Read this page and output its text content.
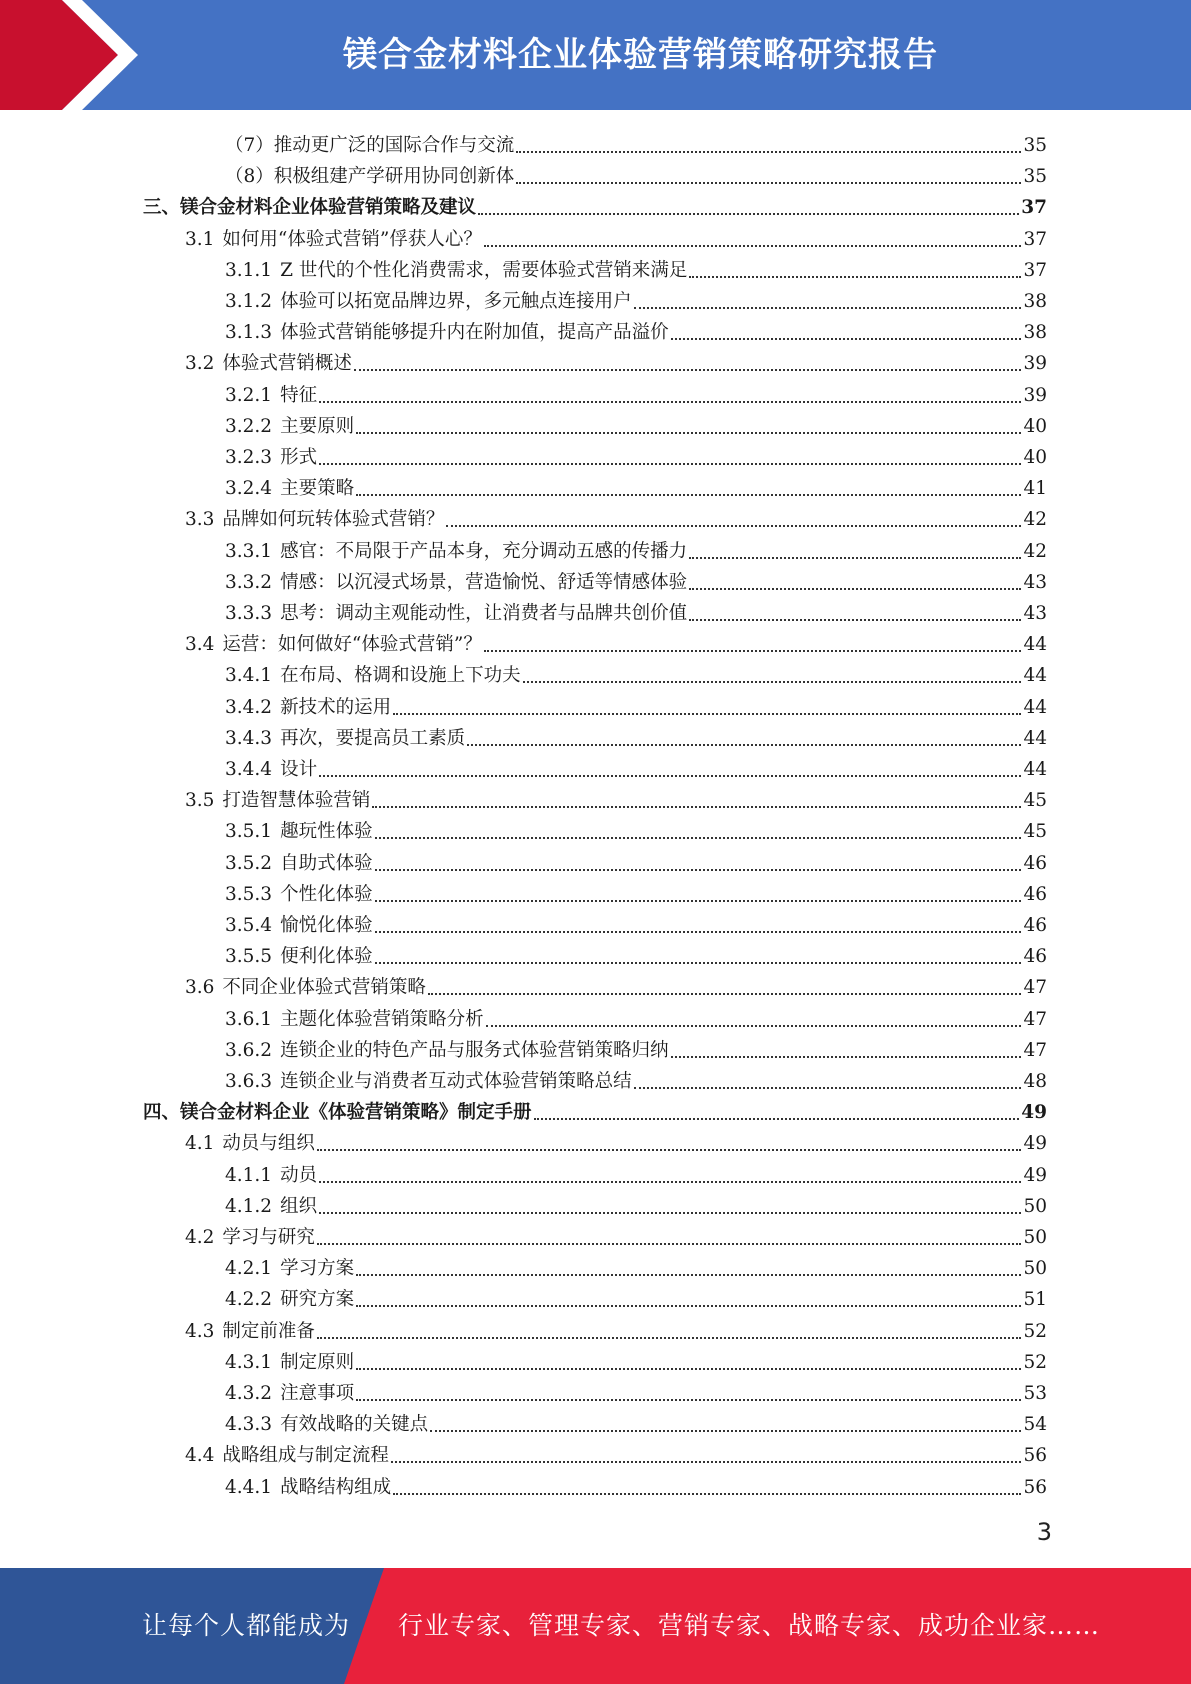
镁合金材料企业体验营销策略研究报告
（7）推动更广泛的国际合作与交流	35
（8）积极组建产学研用协同创新体	35
三、镁合金材料企业体验营销策略及建议	37
3.1 如何用“体验式营销”俘获人心？	37
3.1.1 Z 世代的个性化消费需求，需要体验式营销来满足	37
3.1.2 体验可以拓宽品牌边界，多元触点连接用户	38
3.1.3 体验式营销能够提升内在附加值，提高产品溢价	38
3.2 体验式营销概述	39
3.2.1 特征	39
3.2.2 主要原则	40
3.2.3 形式	40
3.2.4 主要策略	41
3.3 品牌如何玩转体验式营销？	42
3.3.1 感官：不局限于产品本身，充分调动五感的传播力	42
3.3.2 情感：以沉浸式场景，营造愉悦、舒适等情感体验	43
3.3.3 思考：调动主观能动性，让消费者与品牌共创价值	43
3.4 运营：如何做好“体验式营销”？	44
3.4.1 在布局、格调和设施上下功夫	44
3.4.2 新技术的运用	44
3.4.3 再次，要提高员工素质	44
3.4.4 设计	44
3.5 打造智慧体验营销	45
3.5.1 趣玩性体验	45
3.5.2 自助式体验	46
3.5.3 个性化体验	46
3.5.4 愉悦化体验	46
3.5.5 便利化体验	46
3.6 不同企业体验式营销策略	47
3.6.1 主题化体验营销策略分析	47
3.6.2 连锁企业的特色产品与服务式体验营销策略归纳	47
3.6.3 连锁企业与消费者互动式体验营销策略总结	48
四、镁合金材料企业《体验营销策略》制定手册	49
4.1 动员与组织	49
4.1.1 动员	49
4.1.2 组织	50
4.2 学习与研究	50
4.2.1 学习方案	50
4.2.2 研究方案	51
4.3 制定前准备	52
4.3.1 制定原则	52
4.3.2 注意事项	53
4.3.3 有效战略的关键点	54
4.4 战略组成与制定流程	56
4.4.1 战略结构组成	56
3
让每个人都能成为 行业专家、管理专家、营销专家、战略专家、成功企业家……
